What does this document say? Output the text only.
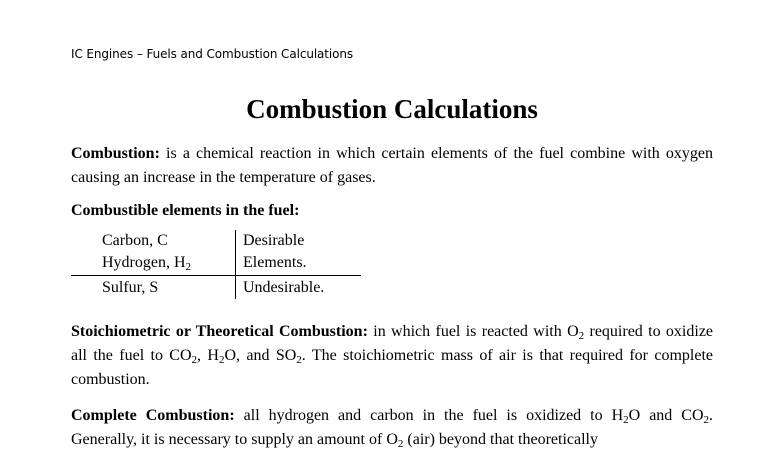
IC Engines – Fuels and Combustion Calculations
Combustion Calculations
Combustion: is a chemical reaction in which certain elements of the fuel combine with oxygen causing an increase in the temperature of gases.
Combustible elements in the fuel:
Carbon, C
Hydrogen, $H_2$
Sulfur, S
Desirable
Elements.
Undesirable.
Stoichiometric or Theoretical Combustion: in which fuel is reacted with $O_2$ required to oxidize all the fuel to $CO_2$, $H_2O$, and $SO_2$. The stoichiometric mass of air is that required for complete combustion.
Complete Combustion: all hydrogen and carbon in the fuel is oxidized to $H_2O$ and $CO_2$. Generally, it is necessary to supply an amount of $O_2$ (air) beyond that theoretically
